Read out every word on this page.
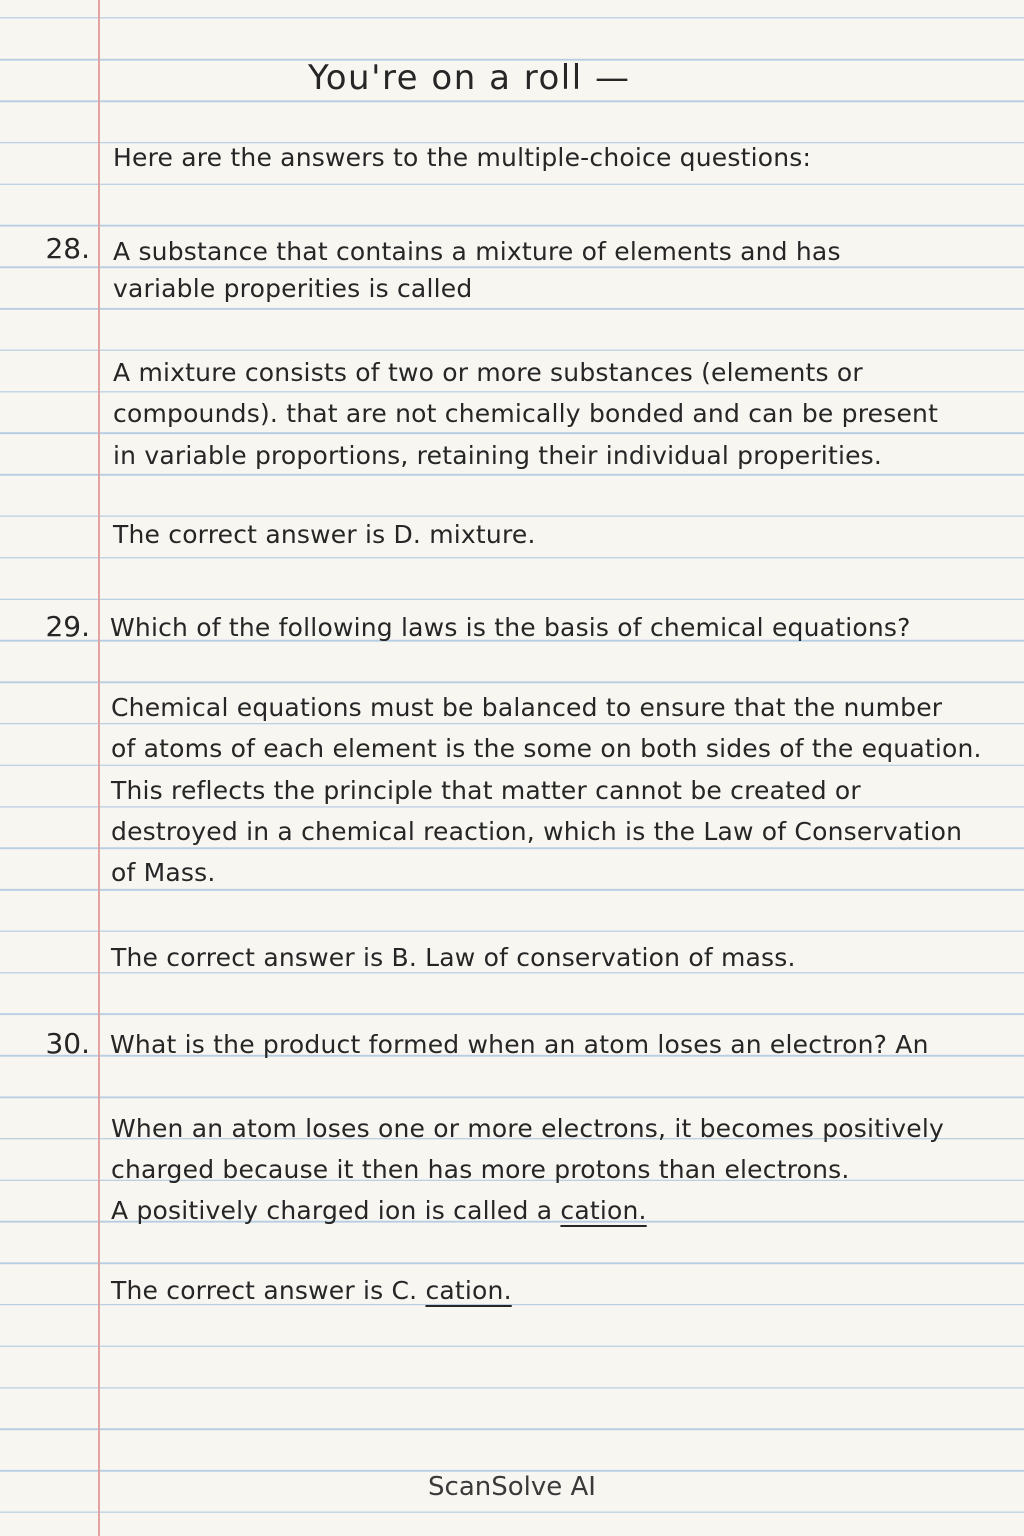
You're on a roll —
Here are the answers to the multiple-choice questions:
28. A substance that contains a mixture of elements and has
variable properities is called
A mixture consists of two or more substances (elements or
compounds). that are not chemically bonded and can be present
in variable proportions, retaining their individual properities.
The correct answer is D. mixture.
29. Which of the following laws is the basis of chemical equations?
Chemical equations must be balanced to ensure that the number
of atoms of each element is the some on both sides of the equation.
This reflects the principle that matter cannot be created or
destroyed in a chemical reaction, which is the Law of Conservation
of Mass.
The correct answer is B. Law of conservation of mass.
30. What is the product formed when an atom loses an electron? An
When an atom loses one or more electrons, it becomes positively
charged because it then has more protons than electrons.
A positively charged ion is called a cation.
The correct answer is C. cation.
ScanSolve AI
